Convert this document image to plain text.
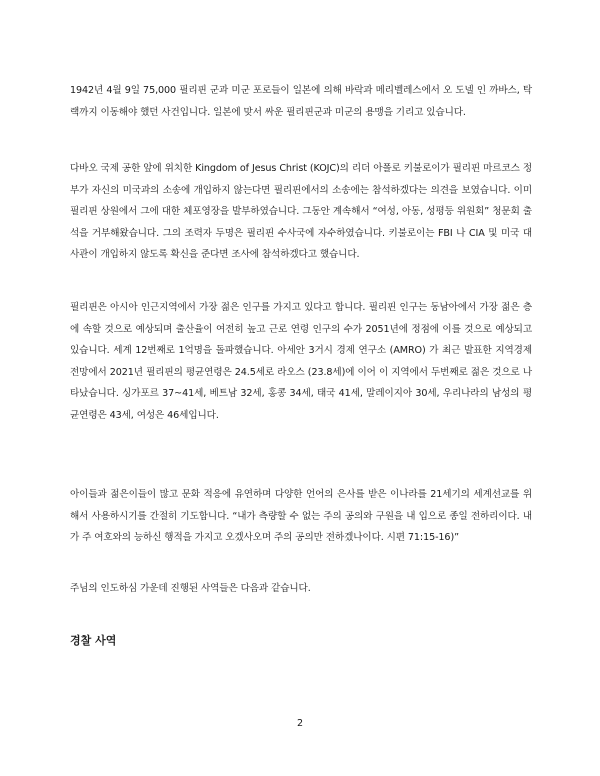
1942년 4월 9일 75,000 필리핀 군과 미군 포로들이 일본에 의해 바락과 메리벨레스에서 오 도넬 인 까바스, 탁랙까지 이동해야 했던 사건입니다. 일본에 맞서 싸운 필리핀군과 미군의 용맹을 기리고 있습니다.

다바오 국제 공한 앞에 위치한 Kingdom of Jesus Christ (KOJC)의 리더 아폴로 키불로이가 필리핀 마르코스 정부가 자신의 미국과의 소송에 개입하지 않는다면 필리핀에서의 소송에는 참석하겠다는 의견을 보였습니다. 이미 필리핀 상원에서 그에 대한 체포영장을 발부하였습니다. 그동안 계속해서 “여성, 아동, 성평등 위원회” 청문회 출석을 거부해왔습니다. 그의 조력자 두명은 필리핀 수사국에 자수하였습니다. 키불로이는 FBI 나 CIA 및 미국 대사관이 개입하지 않도록 확신을 준다면 조사에 참석하겠다고 했습니다.

필리핀은 아시아 인근지역에서 가장 젊은 인구를 가지고 있다고 합니다. 필리핀 인구는 동남아에서 가장 젊은 층에 속할 것으로 예상되며 출산율이 여전히 높고 근로 연령 인구의 수가 2051년에 정점에 이를 것으로 예상되고 있습니다. 세계 12번째로 1억명을 돌파했습니다. 아세안 3거시 경제 연구소 (AMRO) 가 최근 발표한 지역경제 전망에서 2021년 필리핀의 평균연령은 24.5세로 라오스 (23.8세)에 이어 이 지역에서 두번째로 젊은 것으로 나타났습니다. 싱가포르 37~41세, 베트남 32세, 홍콩 34세, 태국 41세, 말레이지아 30세, 우리나라의 남성의 평균연령은 43세, 여성은 46세입니다.

아이들과 젊은이들이 많고 문화 적응에 유연하며 다양한 언어의 은사를 받은 이나라를 21세기의 세계선교를 위해서 사용하시기를 간절히 기도합니다. “내가 측량할 수 없는 주의 공의와 구원을 내 입으로 종일 전하리이다. 내가 주 여호와의 능하신 행적을 가지고 오겠사오며 주의 공의만 전하겠나이다. 시편 71:15-16)”

주님의 인도하심 가운데 진행된 사역들은 다음과 같습니다.

경찰 사역
2
